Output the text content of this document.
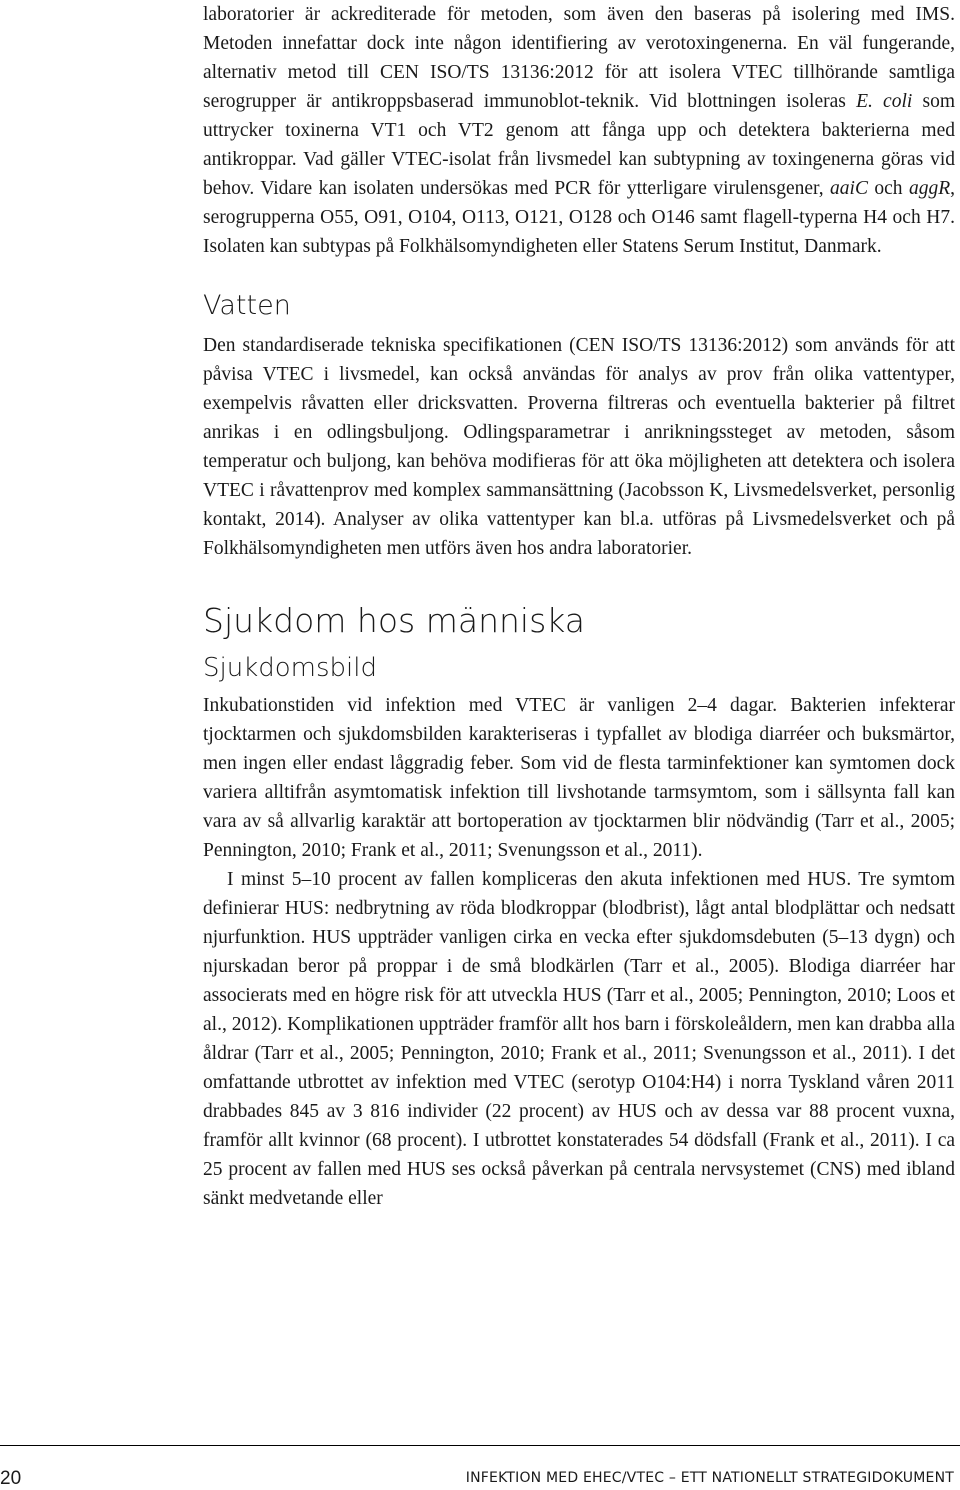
laboratorier är ackrediterade för metoden, som även den baseras på isolering med IMS. Metoden innefattar dock inte någon identifiering av verotoxingenerna. En väl fungerande, alternativ metod till CEN ISO/TS 13136:2012 för att isolera VTEC tillhörande samtliga serogrupper är antikroppsbaserad immunoblot-teknik. Vid blottningen isoleras E. coli som uttrycker toxinerna VT1 och VT2 genom att fånga upp och detektera bakterierna med antikroppar. Vad gäller VTEC-isolat från livsmedel kan subtypning av toxingenerna göras vid behov. Vidare kan isolaten undersökas med PCR för ytterligare virulensgener, aaiC och aggR, serogrupperna O55, O91, O104, O113, O121, O128 och O146 samt flagell-typerna H4 och H7. Isolaten kan subtypas på Folkhälsomyndigheten eller Statens Serum Institut, Danmark.

Vatten

Den standardiserade tekniska specifikationen (CEN ISO/TS 13136:2012) som används för att påvisa VTEC i livsmedel, kan också användas för analys av prov från olika vattentyper, exempelvis råvatten eller dricksvatten. Proverna filtreras och eventuella bakterier på filtret anrikas i en odlingsbuljong. Odlingsparametrar i anrikningssteget av metoden, såsom temperatur och buljong, kan behöva modifieras för att öka möjligheten att detektera och isolera VTEC i råvattenprov med komplex sammansättning (Jacobsson K, Livsmedelsverket, personlig kontakt, 2014). Analyser av olika vattentyper kan bl.a. utföras på Livsmedelsverket och på Folkhälsomyndigheten men utförs även hos andra laboratorier.

Sjukdom hos människa
Sjukdomsbild

Inkubationstiden vid infektion med VTEC är vanligen 2–4 dagar. Bakterien infekterar tjocktarmen och sjukdomsbilden karakteriseras i typfallet av blodiga diarréer och buksmärtor, men ingen eller endast låggradig feber. Som vid de flesta tarminfektioner kan symtomen dock variera alltifrån asymtomatisk infektion till livshotande tarmsymtom, som i sällsynta fall kan vara av så allvarlig karaktär att bortoperation av tjocktarmen blir nödvändig (Tarr et al., 2005; Pennington, 2010; Frank et al., 2011; Svenungsson et al., 2011).

I minst 5–10 procent av fallen kompliceras den akuta infektionen med HUS. Tre symtom definierar HUS: nedbrytning av röda blodkroppar (blodbrist), lågt antal blodplättar och nedsatt njurfunktion. HUS uppträder vanligen cirka en vecka efter sjukdomsdebuten (5–13 dygn) och njurskadan beror på proppar i de små blodkärlen (Tarr et al., 2005). Blodiga diarréer har associerats med en högre risk för att utveckla HUS (Tarr et al., 2005; Pennington, 2010; Loos et al., 2012). Komplikationen uppträder framför allt hos barn i förskoleåldern, men kan drabba alla åldrar (Tarr et al., 2005; Pennington, 2010; Frank et al., 2011; Svenungsson et al., 2011). I det omfattande utbrottet av infektion med VTEC (serotyp O104:H4) i norra Tyskland våren 2011 drabbades 845 av 3 816 individer (22 procent) av HUS och av dessa var 88 procent vuxna, framför allt kvinnor (68 procent). I utbrottet konstaterades 54 dödsfall (Frank et al., 2011). I ca 25 procent av fallen med HUS ses också påverkan på centrala nervsystemet (CNS) med ibland sänkt medvetande eller

20	INFEKTION MED EHEC/VTEC – ETT NATIONELLT STRATEGIDOKUMENT
